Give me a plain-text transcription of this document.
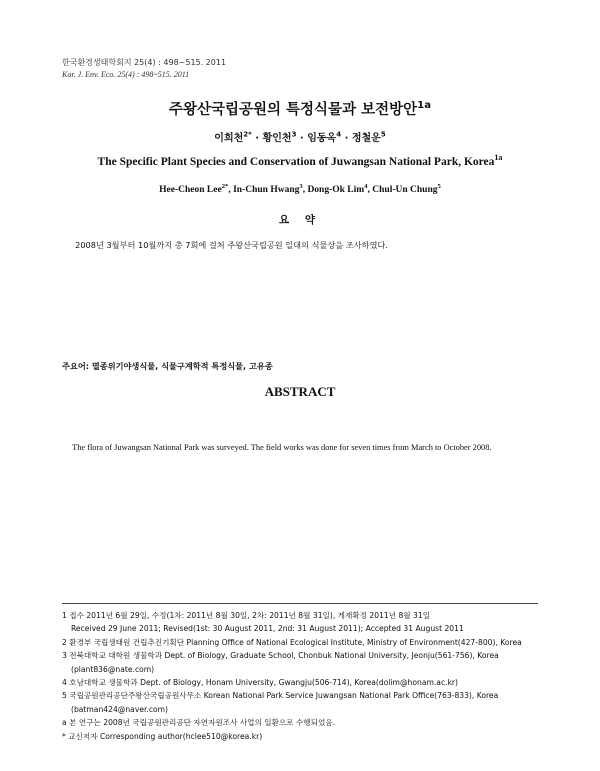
한국환경생태학회지 25(4) : 498~515. 2011
Kor. J. Env. Eco. 25(4) : 498~515. 2011
주왕산국립공원의 특정식물과 보전방안$^{1a}$
이희천$^{2*}$ · 황인천$^3$ · 임동옥$^4$ · 정철운$^5$
The Specific Plant Species and Conservation of Juwangsan National Park, Korea$^{1a}$
Hee-Cheon Lee$^{2*}$, In-Chun Hwang$^3$, Dong-Ok Lim$^4$, Chul-Un Chung$^5$
요 약
2008년 3월부터 10월까지 총 7회에 걸쳐 주왕산국립공원 일대의 식물상을 조사하였다.
주요어: 멸종위기야생식물, 식물구계학적 특정식물, 고유종
ABSTRACT
The flora of Juwangsan National Park was surveyed. The field works was done for seven times from March to October 2008.
1 접수 2011년 6월 29일, 수정(1차: 2011년 8월 30일, 2차: 2011년 8월 31일), 게재확정 2011년 8월 31일
Received 29 June 2011; Revised(1st: 30 August 2011, 2nd: 31 August 2011); Accepted 31 August 2011
2 환경부 국립생태원 건립추진기획단 Planning Office of National Ecological Institute, Ministry of Environment(427-800), Korea
3 전북대학교 대학원 생물학과 Dept. of Biology, Graduate School, Chonbuk National University, Jeonju(561-756), Korea
(plant836@nate.com)
4 호남대학교 생물학과 Dept. of Biology, Honam University, Gwangju(506-714), Korea(dolim@honam.ac.kr)
5 국립공원관리공단주왕산국립공원사무소 Korean National Park Service Juwangsan National Park Office(763-833), Korea
(batman424@naver.com)
a 본 연구는 2008년 국립공원관리공단 자연자원조사 사업의 일환으로 수행되었음.
* 교신저자 Corresponding author(hclee510@korea.kr)
